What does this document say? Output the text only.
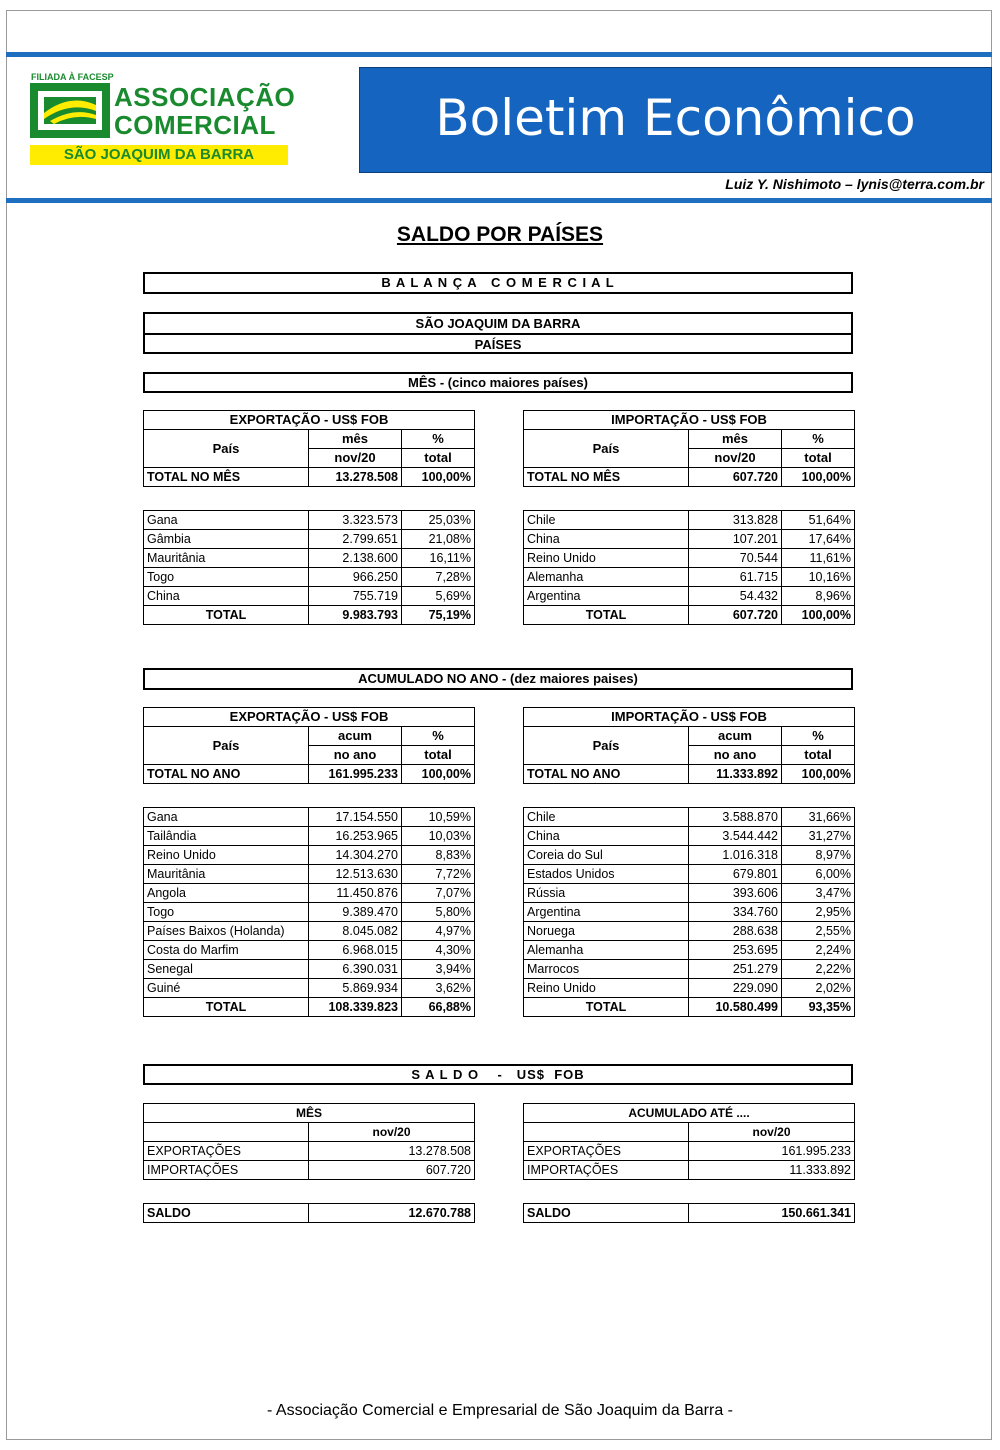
FILIADA À FACESP
ASSOCIAÇÃO
COMERCIAL
SÃO JOAQUIM DA BARRA
Boletim Econômico
Luiz Y. Nishimoto – lynis@terra.com.br
SALDO POR PAÍSES
B A L A N Ç A   C O M E R C I A L
SÃO JOAQUIM DA BARRA
PAÍSES
MÊS - (cinco maiores países)
EXPORTAÇÃO - US$ FOB		
País	mês	%
	nov/20	total
TOTAL NO MÊS	13.278.508	100,00%
Gana	3.323.573	25,03%
Gâmbia	2.799.651	21,08%
Mauritânia	2.138.600	16,11%
Togo	966.250	7,28%
China	755.719	5,69%
TOTAL	9.983.793	75,19%
IMPORTAÇÃO - US$ FOB		
País	mês	%
	nov/20	total
TOTAL NO MÊS	607.720	100,00%
Chile	313.828	51,64%
China	107.201	17,64%
Reino Unido	70.544	11,61%
Alemanha	61.715	10,16%
Argentina	54.432	8,96%
TOTAL	607.720	100,00%
ACUMULADO NO ANO - (dez maiores paises)
EXPORTAÇÃO - US$ FOB		
País	acum	%
	no ano	total
TOTAL NO ANO	161.995.233	100,00%
Gana	17.154.550	10,59%
Tailândia	16.253.965	10,03%
Reino Unido	14.304.270	8,83%
Mauritânia	12.513.630	7,72%
Angola	11.450.876	7,07%
Togo	9.389.470	5,80%
Países Baixos (Holanda)	8.045.082	4,97%
Costa do Marfim	6.968.015	4,30%
Senegal	6.390.031	3,94%
Guiné	5.869.934	3,62%
TOTAL	108.339.823	66,88%
IMPORTAÇÃO - US$ FOB		
País	acum	%
	no ano	total
TOTAL NO ANO	11.333.892	100,00%
Chile	3.588.870	31,66%
China	3.544.442	31,27%
Coreia do Sul	1.016.318	8,97%
Estados Unidos	679.801	6,00%
Rússia	393.606	3,47%
Argentina	334.760	2,95%
Noruega	288.638	2,55%
Alemanha	253.695	2,24%
Marrocos	251.279	2,22%
Reino Unido	229.090	2,02%
TOTAL	10.580.499	93,35%
S A L D O    -   US$  FOB
MÊS	
	nov/20
EXPORTAÇÕES	13.278.508
IMPORTAÇÕES	607.720
SALDO	12.670.788
ACUMULADO ATÉ ....	
	nov/20
EXPORTAÇÕES	161.995.233
IMPORTAÇÕES	11.333.892
SALDO	150.661.341
- Associação Comercial e Empresarial de São Joaquim da Barra -
